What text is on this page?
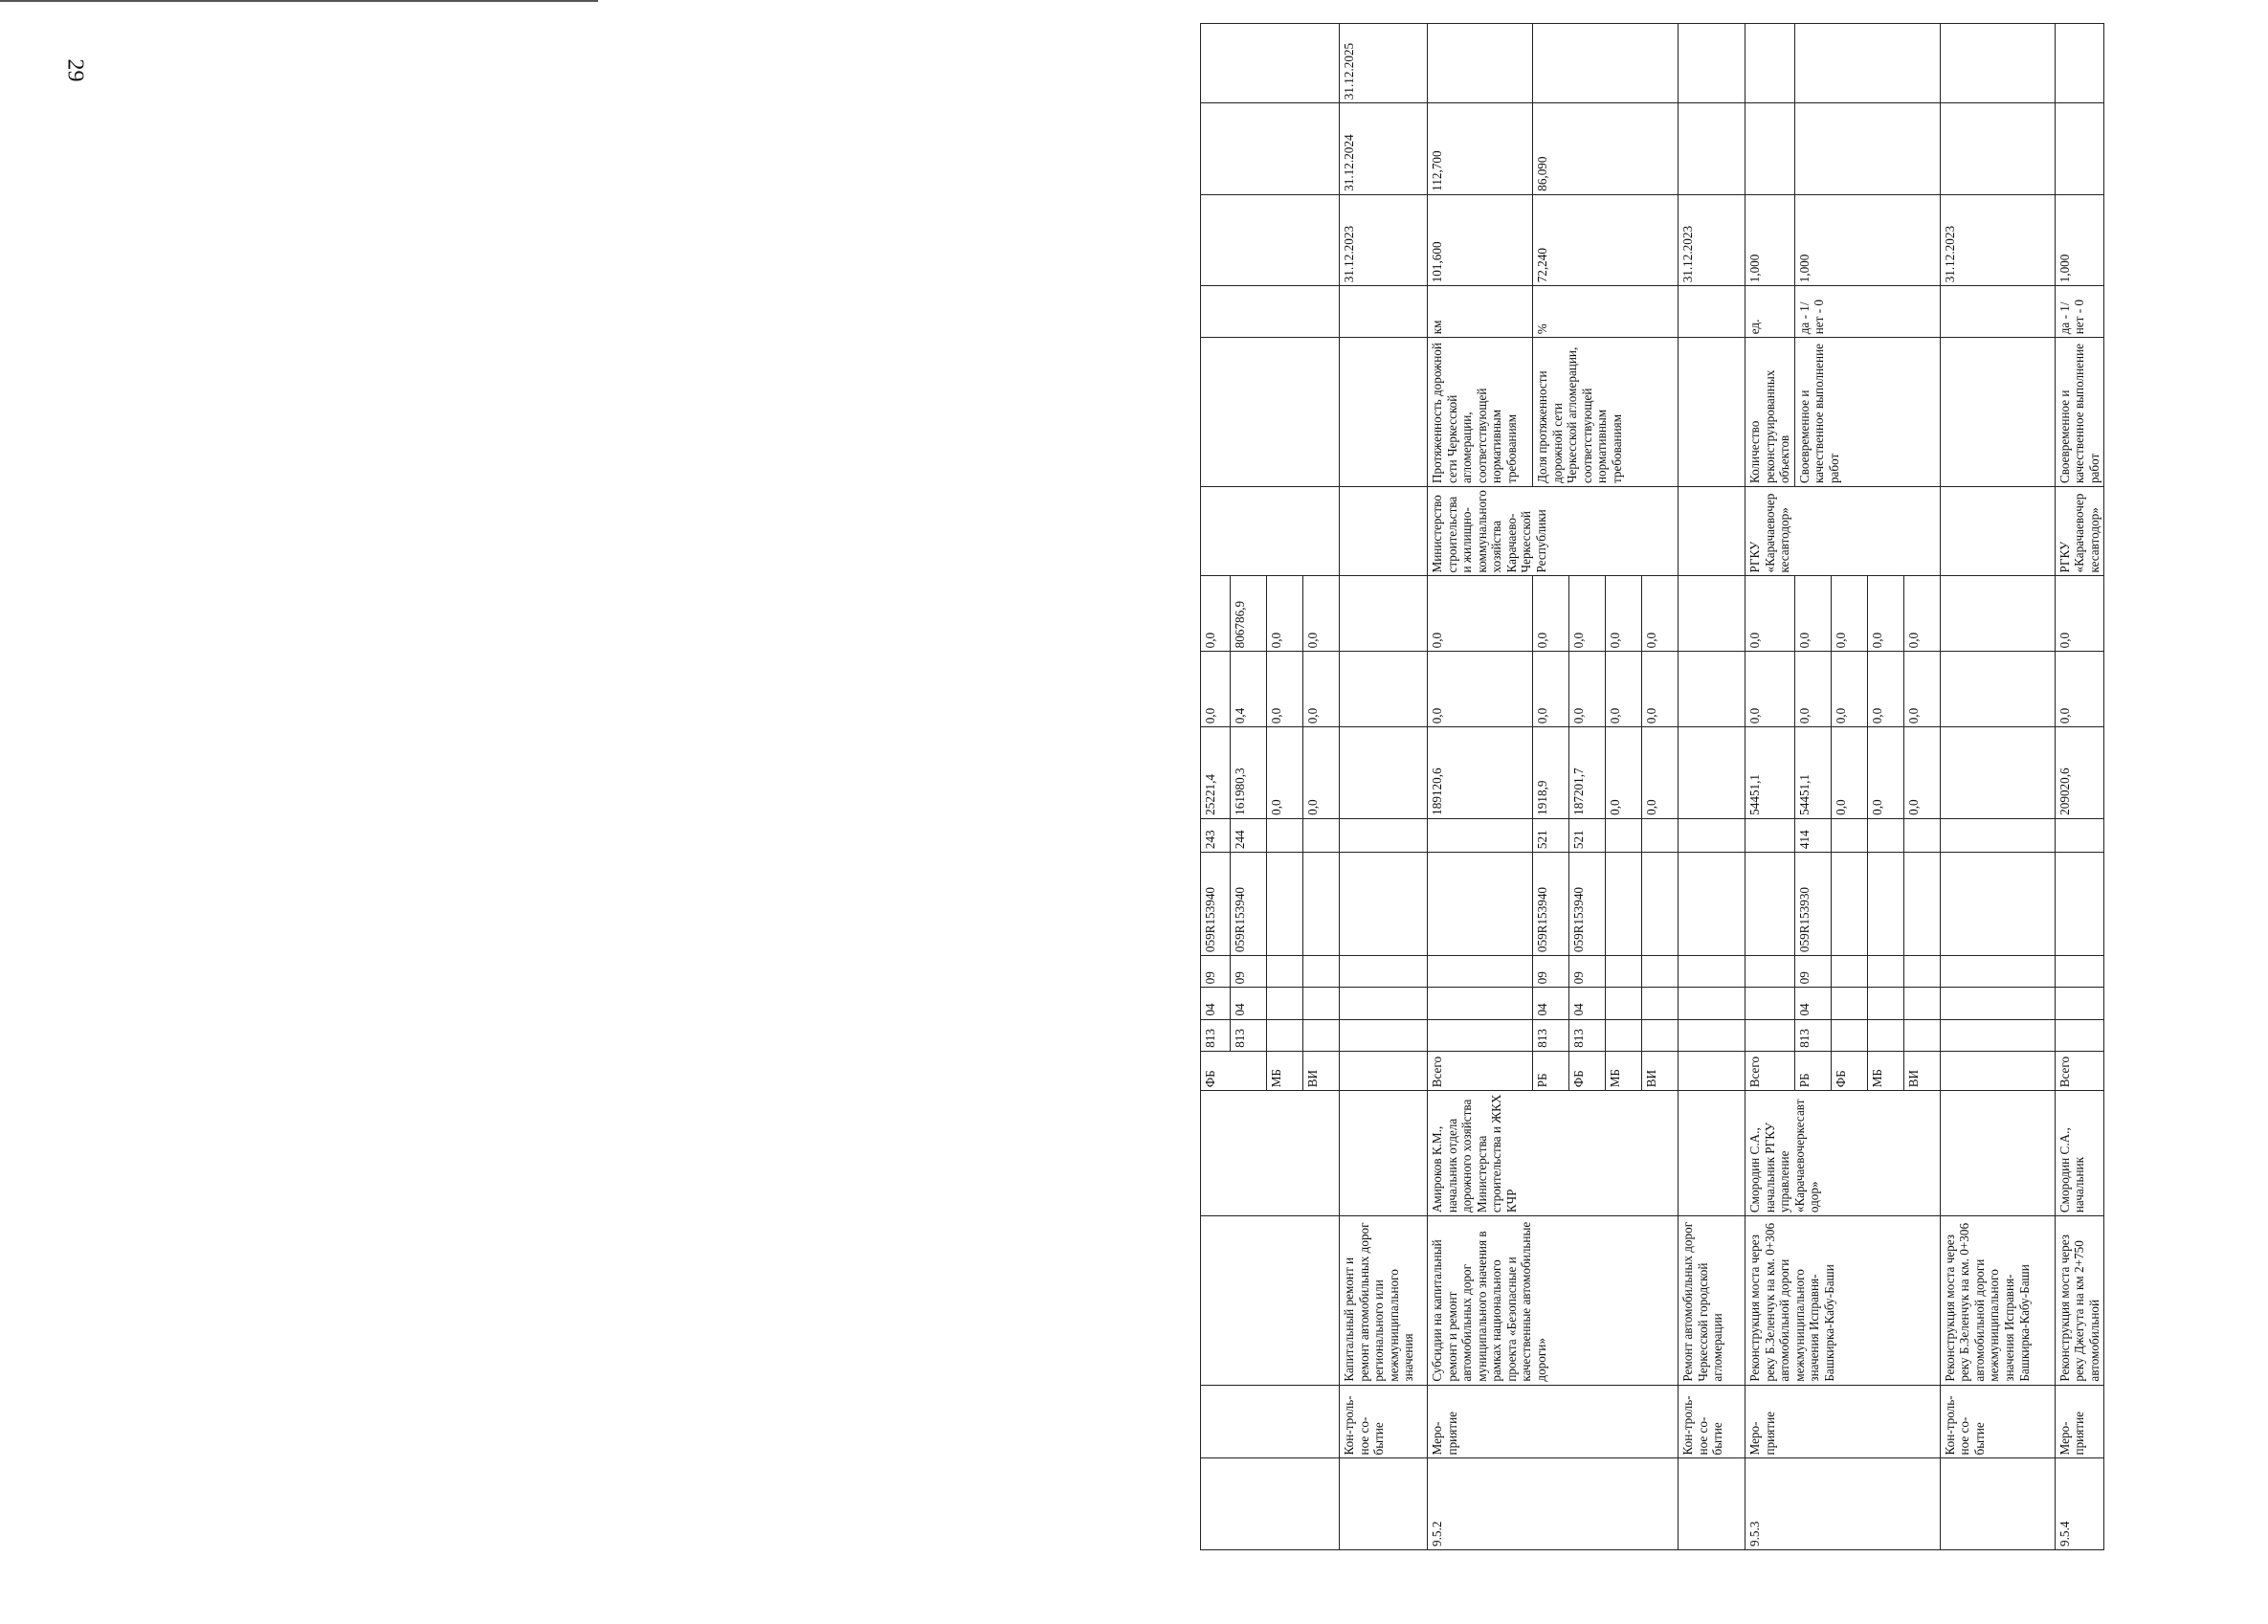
29
				ФБ	813	04	09	059R153940	243	25221,4	0,0	0,0						
					813	04	09	059R153940	244	161980,3	0,4	806786,9						
				МБ						0,0	0,0	0,0						
				ВИ						0,0	0,0	0,0						
	Кон-троль-ное со-бытие	Капитальный ремонт и ремонт автомобильных дорог регионального или межмуниципального значения														31.12.2023	31.12.2024	31.12.2025
9.5.2	Меро-приятие	Субсидии на капитальный ремонт и ремонт автомобильных дорог муниципального значения в рамках национального проекта «Безопасные и качественные автомобильные дороги»	Амироков К.М., начальник отдела дорожного хозяйства Министерства строительства и ЖКХ КЧР	Всего						189120,6	0,0	0,0	Министерство строительства и жилищно-коммунального хозяйства Карачаево-Черкесской Республики	Протяженность дорожной сети Черкесской агломерации, соответствующей нормативным требованиям	км	101,600	112,700	
				РБ	813	04	09	059R153940	521	1918,9	0,0	0,0		Доля протяженности дорожной сети Черкесской агломерации, соответствующей нормативным требованиям	%	72,240	86,090	
				ФБ	813	04	09	059R153940	521	187201,7	0,0	0,0						
				МБ						0,0	0,0	0,0						
				ВИ						0,0	0,0	0,0						
	Кон-троль-ное со-бытие	Ремонт автомобильных дорог Черкесской городской агломерации														31.12.2023		
9.5.3	Меро-приятие	Реконструкция моста через реку Б.Зеленчук на км. 0+306 автомобильной дороги межмуниципального значения Исправня-Башкирка-Кабу-Баши	Смородин С.А., начальник РГКУ управление «Карачаевочеркесавтодор»	Всего						54451,1	0,0	0,0	РГКУ «Карачаевочеркесавтодор»	Количество реконструированных объектов	ед.	1,000		
				РБ	813	04	09	059R153930	414	54451,1	0,0	0,0		Своевременное и качественное выполнение работ	да - 1/ нет - 0	1,000		
				ФБ						0,0	0,0	0,0						
				МБ						0,0	0,0	0,0						
				ВИ						0,0	0,0	0,0						
	Кон-троль-ное со-бытие	Реконструкция моста через реку Б.Зеленчук на км. 0+306 автомобильной дороги межмуниципального значения Исправня-Башкирка-Кабу-Баши														31.12.2023		
9.5.4	Меро-приятие	Реконструкция моста через реку Джегута на км 2+750 автомобильной	Смородин С.А., начальник	Всего						209020,6	0,0	0,0	РГКУ «Карачаевочеркесавтодор»	Своевременное и качественное выполнение работ	да - 1/ нет - 0	1,000		
